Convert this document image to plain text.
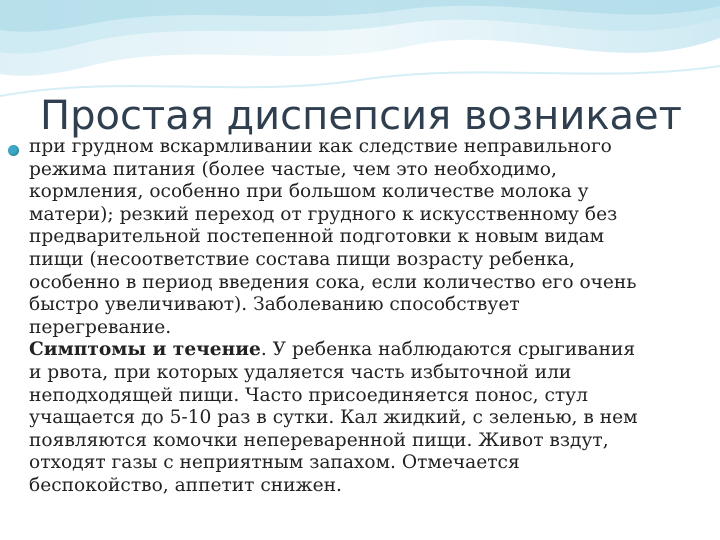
Простая диспепсия возникает

при грудном вскармливании как следствие неправильного
режима питания (более частые, чем это необходимо,
кормления, особенно при большом количестве молока у
матери); резкий переход от грудного к искусственному без
предварительной постепенной подготовки к новым видам
пищи (несоответствие состава пищи возрасту ребенка,
особенно в период введения сока, если количество его очень
быстро увеличивают). Заболеванию способствует
перегревание.
Симптомы и течение. У ребенка наблюдаются срыгивания
и рвота, при которых удаляется часть избыточной или
неподходящей пищи. Часто присоединяется понос, стул
учащается до 5-10 раз в сутки. Кал жидкий, с зеленью, в нем
появляются комочки непереваренной пищи. Живот вздут,
отходят газы с неприятным запахом. Отмечается
беспокойство, аппетит снижен.
